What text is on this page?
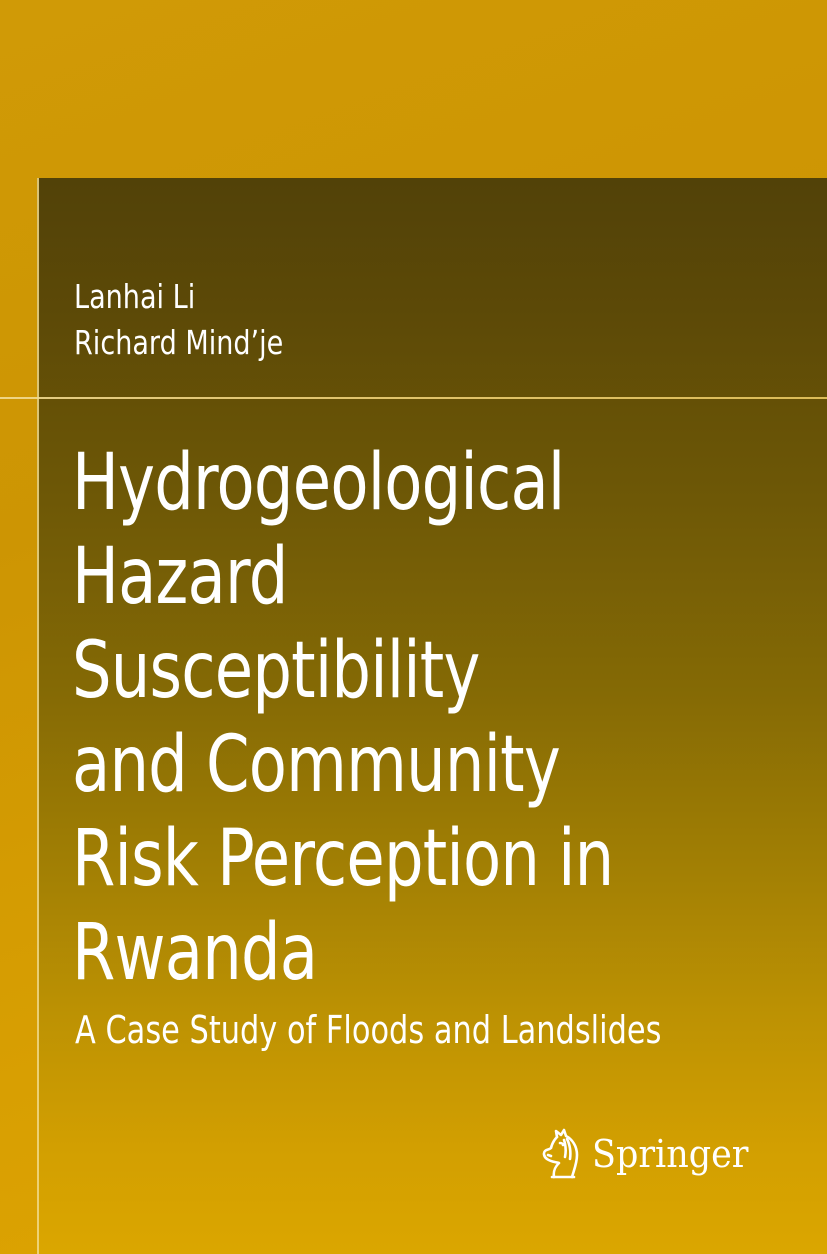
Lanhai Li
Richard Mind’je
Hydrogeological
Hazard
Susceptibility
and Community
Risk Perception in
Rwanda
A Case Study of Floods and Landslides
Springer
